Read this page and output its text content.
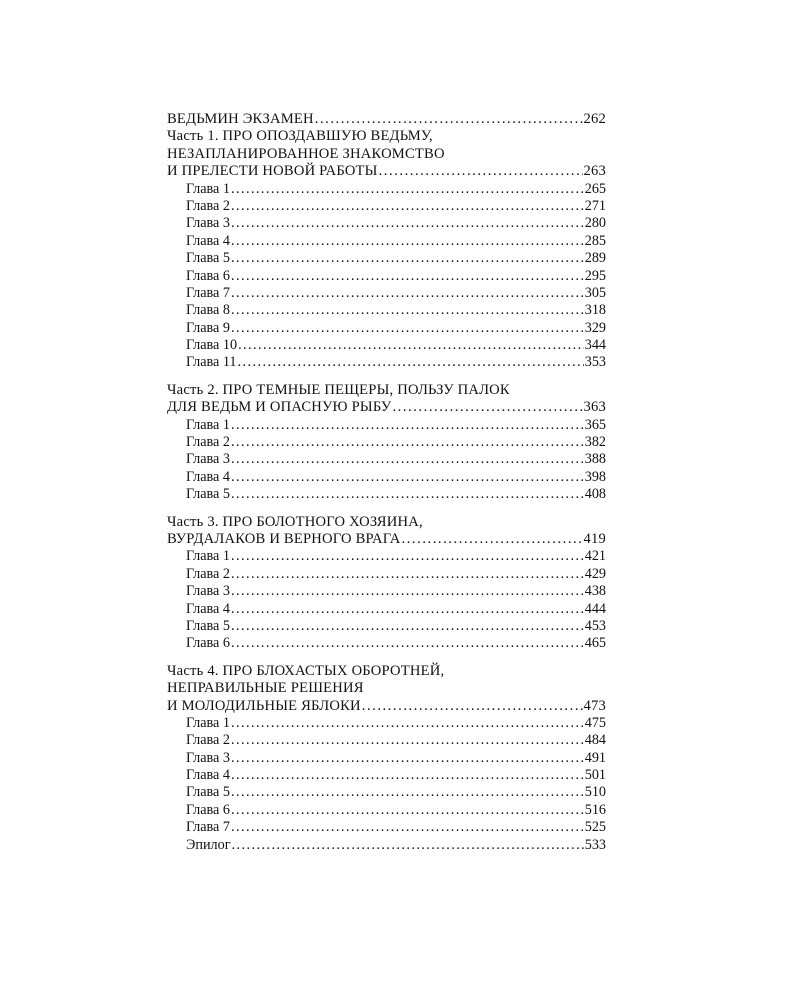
ВЕДЬМИН ЭКЗАМЕН . . .	262
Часть 1. ПРО ОПОЗДАВШУЮ ВЕДЬМУ,
НЕЗАПЛАНИРОВАННОЕ ЗНАКОМСТВО
И ПРЕЛЕСТИ НОВОЙ РАБОТЫ . . .	263
Глава 1 . . .	265
Глава 2 . . .	271
Глава 3 . . .	280
Глава 4 . . .	285
Глава 5 . . .	289
Глава 6 . . .	295
Глава 7 . . .	305
Глава 8 . . .	318
Глава 9 . . .	329
Глава 10 . . .	344
Глава 11 . . .	353
Часть 2. ПРО ТЕМНЫЕ ПЕЩЕРЫ, ПОЛЬЗУ ПАЛОК
ДЛЯ ВЕДЬМ И ОПАСНУЮ РЫБУ . . .	363
Глава 1 . . .	365
Глава 2 . . .	382
Глава 3 . . .	388
Глава 4 . . .	398
Глава 5 . . .	408
Часть 3. ПРО БОЛОТНОГО ХОЗЯИНА,
ВУРДАЛАКОВ И ВЕРНОГО ВРАГА . . .	419
Глава 1 . . .	421
Глава 2 . . .	429
Глава 3 . . .	438
Глава 4 . . .	444
Глава 5 . . .	453
Глава 6 . . .	465
Часть 4. ПРО БЛОХАСТЫХ ОБОРОТНЕЙ,
НЕПРАВИЛЬНЫЕ РЕШЕНИЯ
И МОЛОДИЛЬНЫЕ ЯБЛОКИ . . .	473
Глава 1 . . .	475
Глава 2 . . .	484
Глава 3 . . .	491
Глава 4 . . .	501
Глава 5 . . .	510
Глава 6 . . .	516
Глава 7 . . .	525
Эпилог . . .	533
